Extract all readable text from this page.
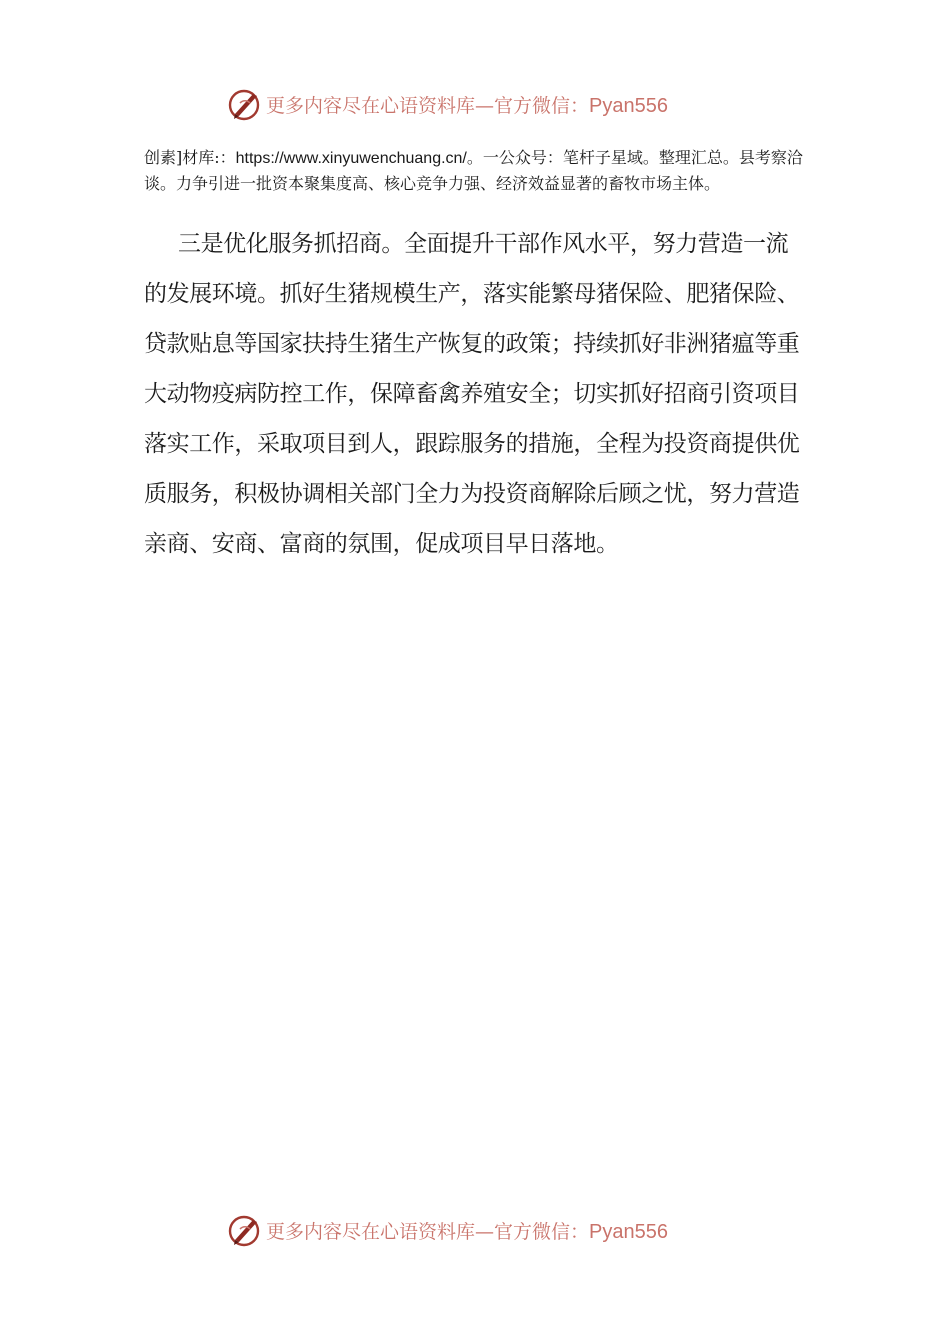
更多内容尽在心语资料库—官方微信：Pyan556

创素]材库:：https://www.xinyuwenchuang.cn/。一公众号：笔杆子星域。整理汇总。县考察洽谈。力争引进一批资本聚集度高、核心竞争力强、经济效益显著的畜牧市场主体。

三是优化服务抓招商。全面提升干部作风水平，努力营造一流的发展环境。抓好生猪规模生产，落实能繁母猪保险、肥猪保险、贷款贴息等国家扶持生猪生产恢复的政策；持续抓好非洲猪瘟等重大动物疫病防控工作，保障畜禽养殖安全；切实抓好招商引资项目落实工作，采取项目到人，跟踪服务的措施，全程为投资商提供优质服务，积极协调相关部门全力为投资商解除后顾之忧，努力营造亲商、安商、富商的氛围，促成项目早日落地。

更多内容尽在心语资料库—官方微信：Pyan556
